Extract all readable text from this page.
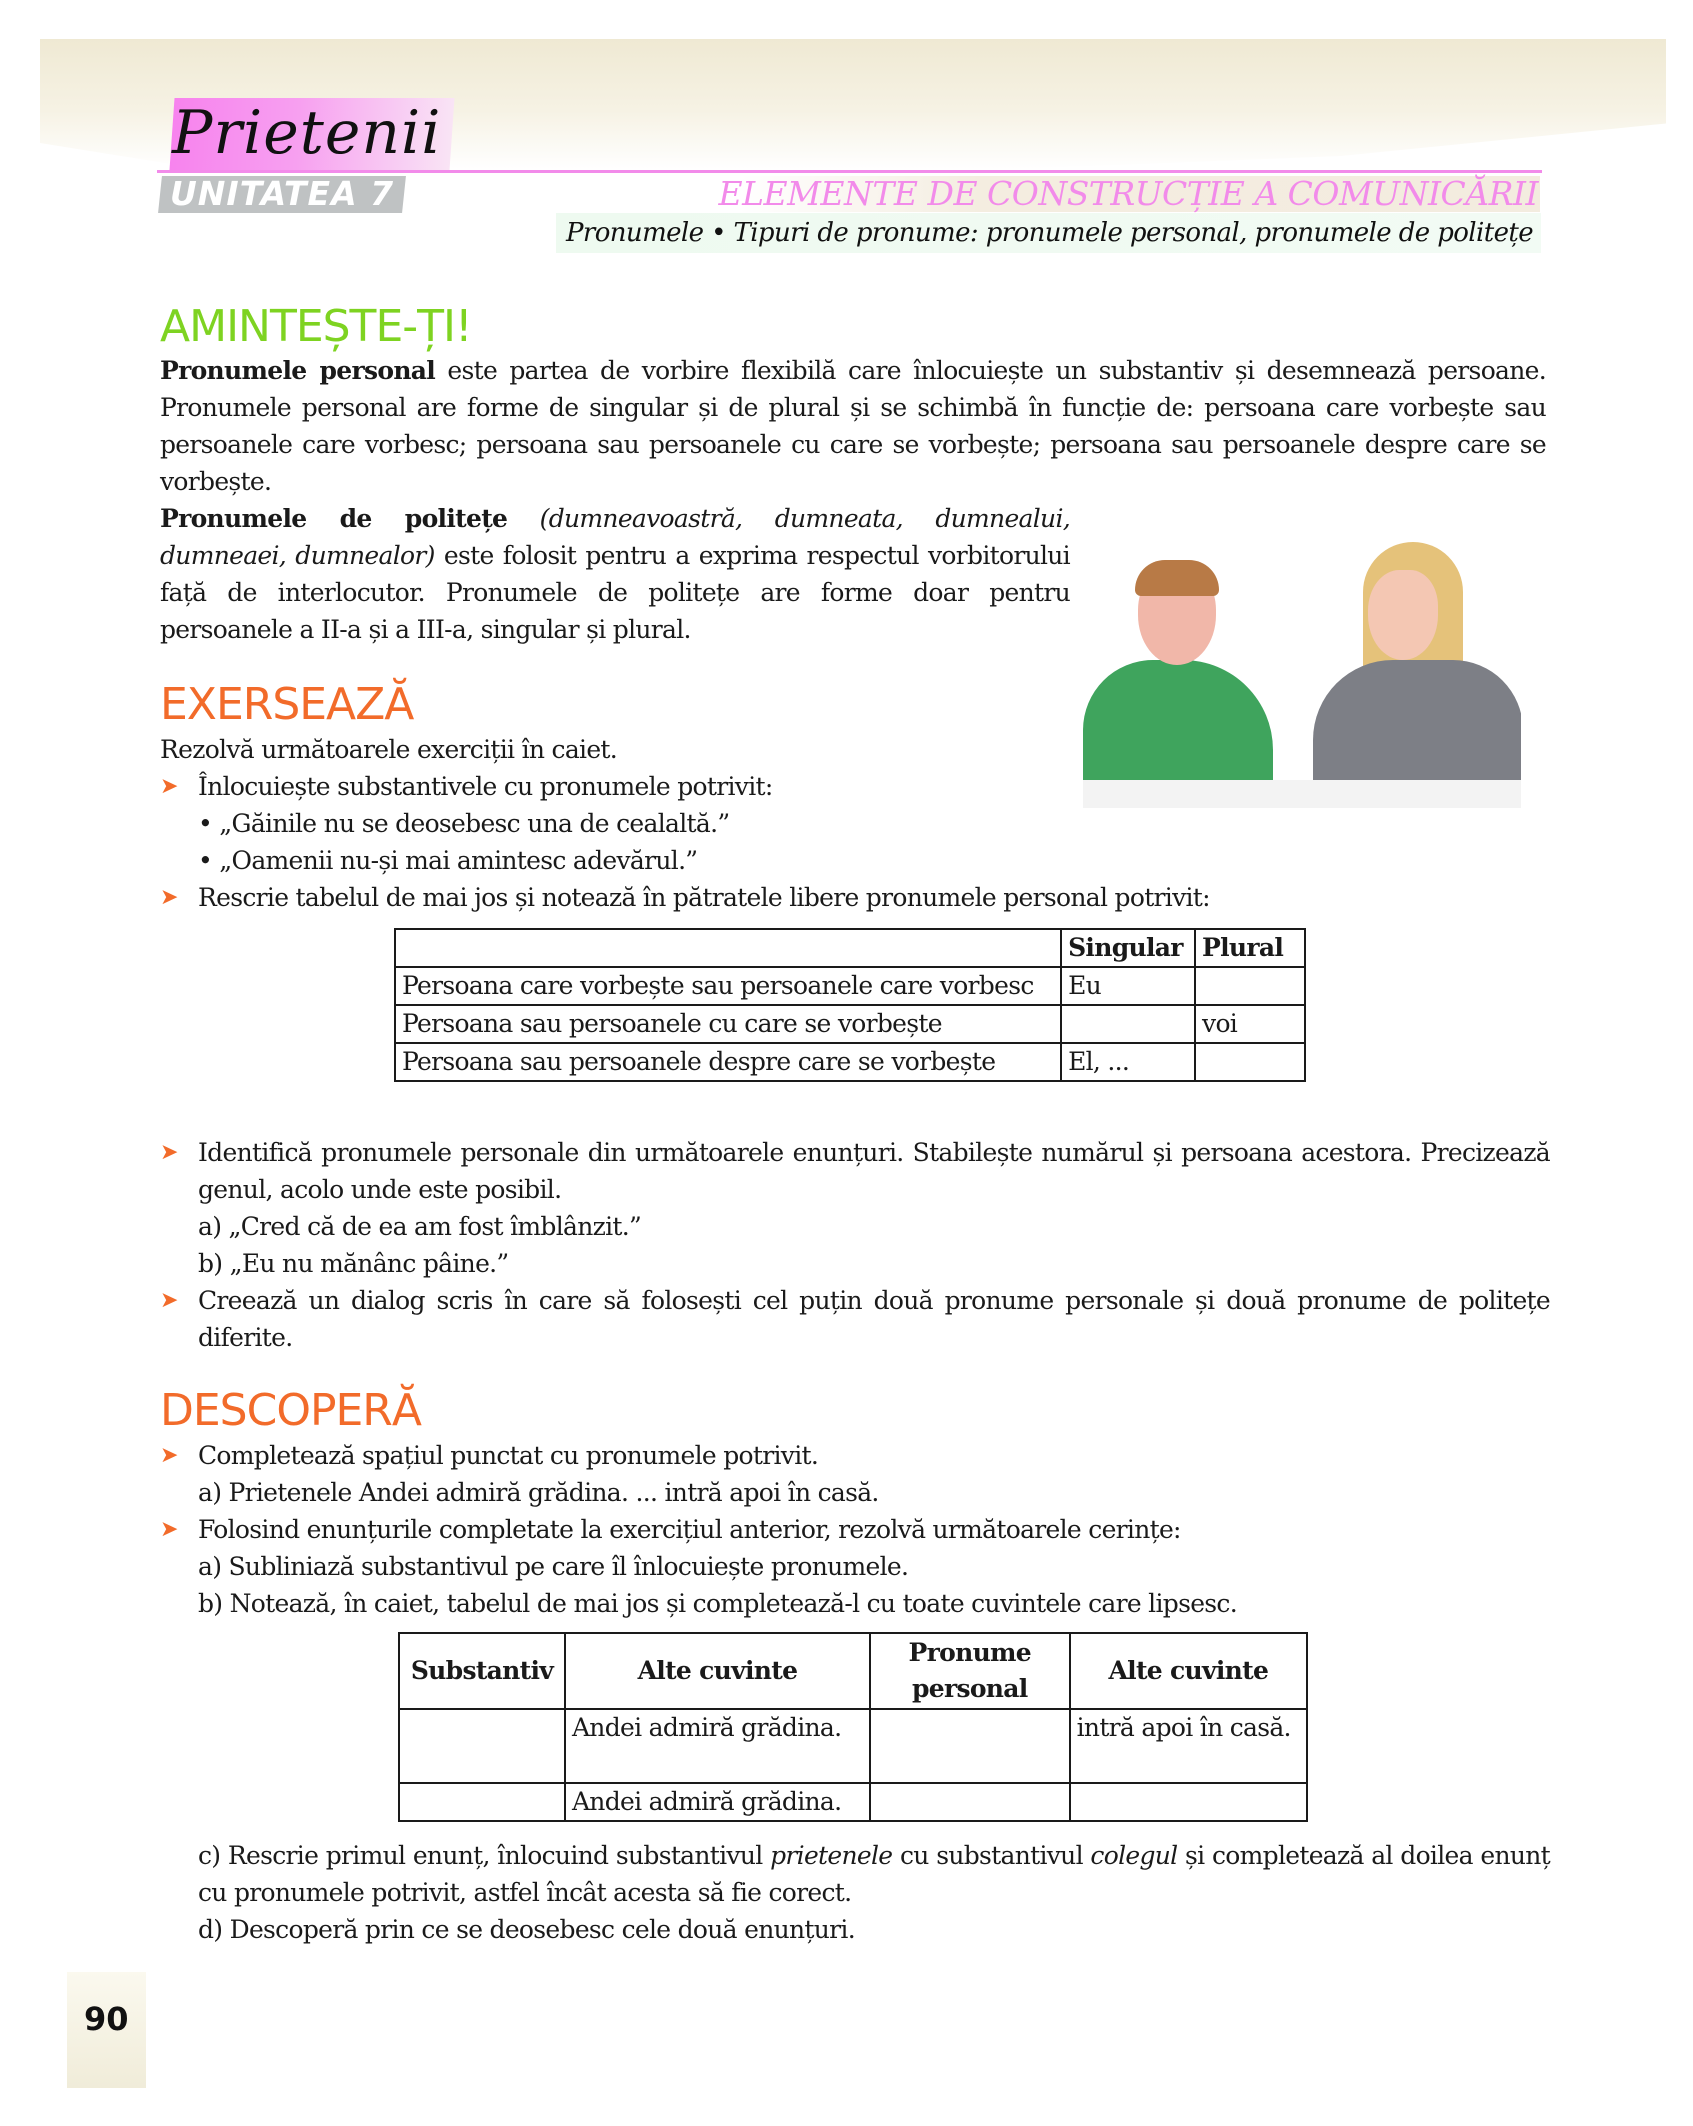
Prietenii
UNITATEA 7	ELEMENTE DE CONSTRUCȚIE A COMUNICĂRII
Pronumele • Tipuri de pronume: pronumele personal, pronumele de politețe
AMINTEȘTE-ȚI!

Pronumele personal este partea de vorbire flexibilă care înlocuiește un substantiv și desemnează persoane. Pronumele personal are forme de singular și de plural și se schimbă în funcție de: persoana care vorbește sau persoanele care vorbesc; persoana sau persoanele cu care se vorbește; persoana sau persoanele despre care se vorbește.

Pronumele de politețe (dumneavoastră, dumneata, dumnealui, dumneaei, dumnealor) este folosit pentru a exprima respectul vorbitorului față de interlocutor. Pronumele de politețe are forme doar pentru persoanele a II-a și a III-a, singular și plural.

EXERSEAZĂ
Rezolvă următoarele exerciții în caiet.
➤ Înlocuiește substantivele cu pronumele potrivit:
• „Găinile nu se deosebesc una de cealaltă.”
• „Oamenii nu-și mai amintesc adevărul.”
➤ Rescrie tabelul de mai jos și notează în pătratele libere pronumele personal potrivit:
	Singular	Plural
Persoana care vorbește sau persoanele care vorbesc	Eu	
Persoana sau persoanele cu care se vorbește		voi
Persoana sau persoanele despre care se vorbește	El, ...	
➤ Identifică pronumele personale din următoarele enunțuri. Stabilește numărul și persoana acestora. Precizează genul, acolo unde este posibil.
a) „Cred că de ea am fost îmblânzit.”
b) „Eu nu mănânc pâine.”
➤ Creează un dialog scris în care să folosești cel puțin două pronume personale și două pronume de politețe diferite.
DESCOPERĂ
➤ Completează spațiul punctat cu pronumele potrivit.
a) Prietenele Andei admiră grădina. ... intră apoi în casă.
➤ Folosind enunțurile completate la exercițiul anterior, rezolvă următoarele cerințe:
a) Subliniază substantivul pe care îl înlocuiește pronumele.
b) Notează, în caiet, tabelul de mai jos și completează-l cu toate cuvintele care lipsesc.
Substantiv	Alte cuvinte	Pronume personal	Alte cuvinte
	Andei admiră grădina.		intră apoi în casă.
	Andei admiră grădina.		
c) Rescrie primul enunț, înlocuind substantivul prietenele cu substantivul colegul și completează al doilea enunț cu pronumele potrivit, astfel încât acesta să fie corect.
d) Descoperă prin ce se deosebesc cele două enunțuri.
90
